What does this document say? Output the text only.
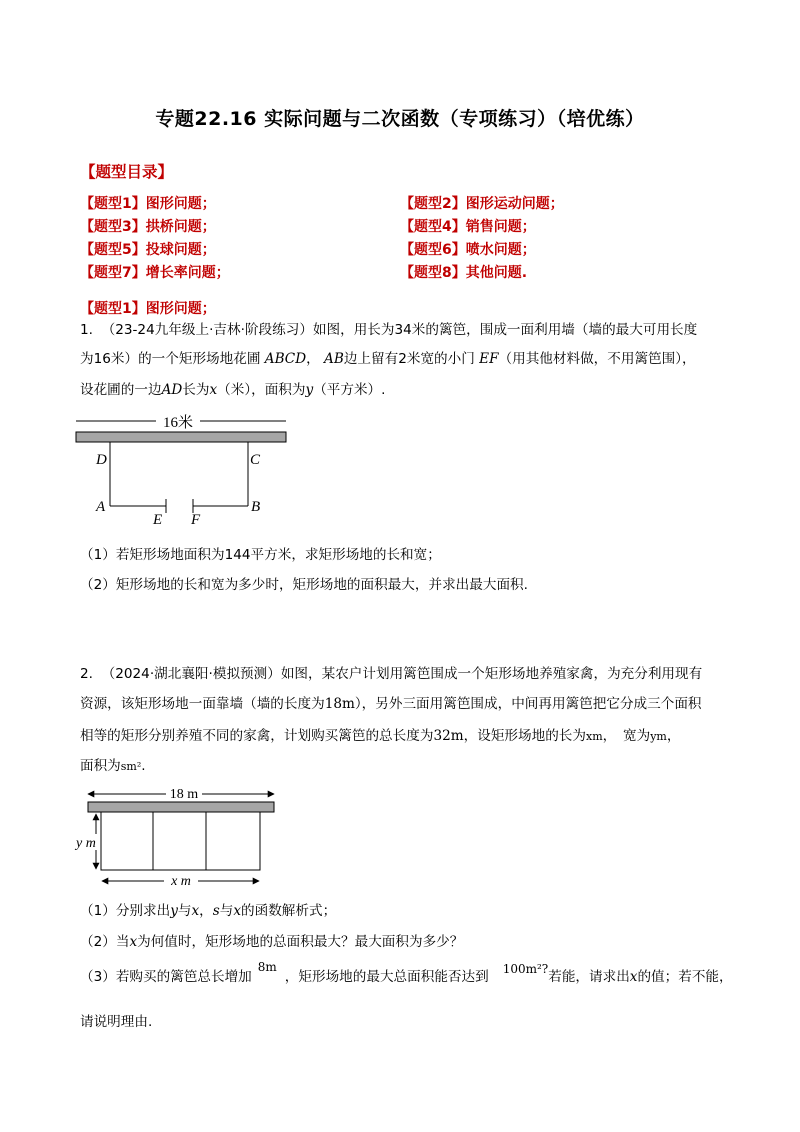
专题22.16 实际问题与二次函数（专项练习）（培优练）
【题型目录】
【题型1】图形问题；	【题型2】图形运动问题；
【题型3】拱桥问题；	【题型4】销售问题；
【题型5】投球问题；	【题型6】喷水问题；
【题型7】增长率问题；	【题型8】其他问题.
【题型1】图形问题；
1. （23-24九年级上·吉林·阶段练习）如图，用长为34米的篱笆，围成一面利用墙（墙的最大可用长度
为16米）的一个矩形场地花圃 ABCD， AB边上留有2米宽的小门 EF（用其他材料做，不用篱笆围），
设花圃的一边AD长为x（米），面积为y（平方米）.
16米
D	C
A	B
E F
（1）若矩形场地面积为144平方米，求矩形场地的长和宽；
（2）矩形场地的长和宽为多少时，矩形场地的面积最大，并求出最大面积.
2. （2024·湖北襄阳·模拟预测）如图，某农户计划用篱笆围成一个矩形场地养殖家禽，为充分利用现有
资源，该矩形场地一面靠墙（墙的长度为18m），另外三面用篱笆围成，中间再用篱笆把它分成三个面积
相等的矩形分别养殖不同的家禽，计划购买篱笆的总长度为32m，设矩形场地的长为xm，　宽为ym，
面积为sm².
18 m
y m
x m
（1）分别求出y与x，s与x的函数解析式；
（2）当x为何值时，矩形场地的总面积最大？最大面积为多少？
（3）若购买的篱笆总长增加8m，矩形场地的最大总面积能否达到 100m²?若能，请求出x的值；若不能，
请说明理由.
